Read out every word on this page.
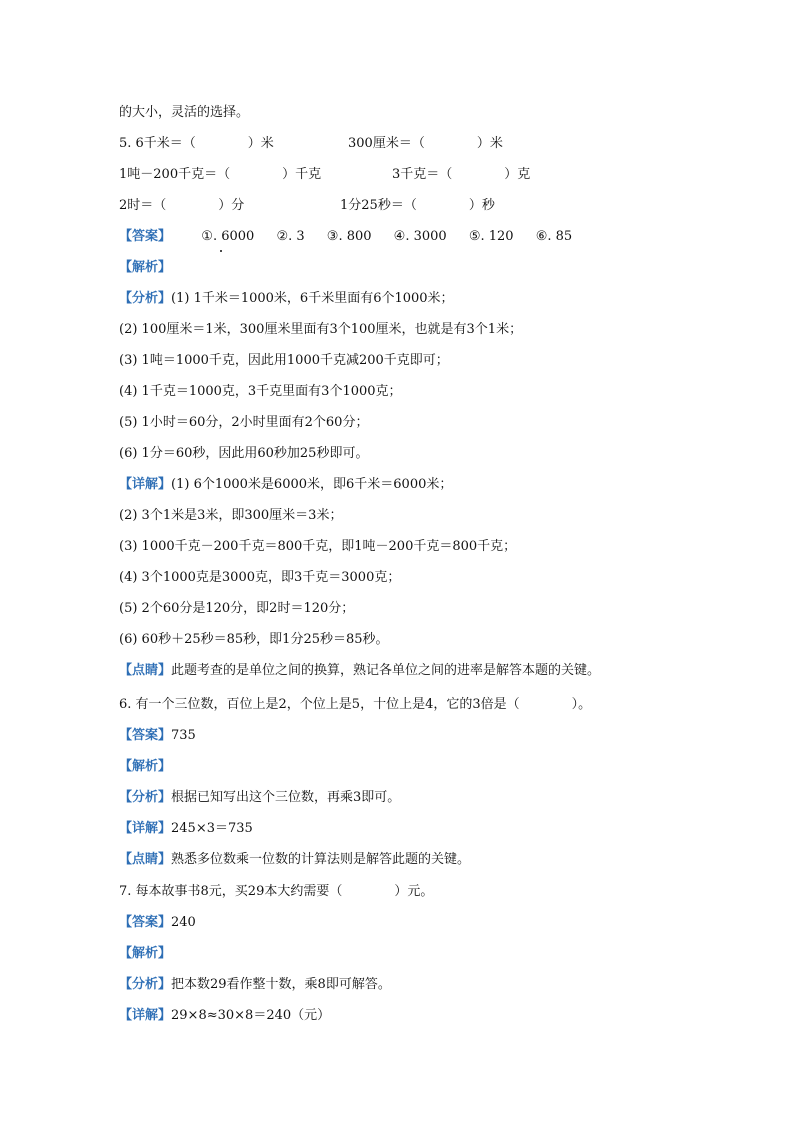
的大小，灵活的选择。
5. 6千米＝（　　　　）米	300厘米＝（　　　　）米
1吨－200千克＝（　　　　）千克	3千克＝（　　　　）克
2时＝（　　　　）分	1分25秒＝（　　　　）秒
【答案】 ①. 6000 ②. 3 ③. 800 ④. 3000 ⑤. 120 ⑥. 85
【解析】
【分析】(1) 1千米＝1000米，6千米里面有6个1000米；
(2) 100厘米＝1米，300厘米里面有3个100厘米，也就是有3个1米；
(3) 1吨＝1000千克，因此用1000千克减200千克即可；
(4) 1千克＝1000克，3千克里面有3个1000克；
(5) 1小时＝60分，2小时里面有2个60分；
(6) 1分＝60秒，因此用60秒加25秒即可。
【详解】(1) 6个1000米是6000米，即6千米＝6000米；
(2) 3个1米是3米，即300厘米＝3米；
(3) 1000千克－200千克＝800千克，即1吨－200千克＝800千克；
(4) 3个1000克是3000克，即3千克＝3000克；
(5) 2个60分是120分，即2时＝120分；
(6) 60秒＋25秒＝85秒，即1分25秒＝85秒。
【点睛】此题考查的是单位之间的换算，熟记各单位之间的进率是解答本题的关键。
6. 有一个三位数，百位上是2，个位上是5，十位上是4，它的3倍是（　　　　）。
【答案】735
【解析】
【分析】根据已知写出这个三位数，再乘3即可。
【详解】245×3＝735
【点睛】熟悉多位数乘一位数的计算法则是解答此题的关键。
7. 每本故事书8元，买29本大约需要（　　　　）元。
【答案】240
【解析】
【分析】把本数29看作整十数，乘8即可解答。
【详解】29×8≈30×8＝240（元）
